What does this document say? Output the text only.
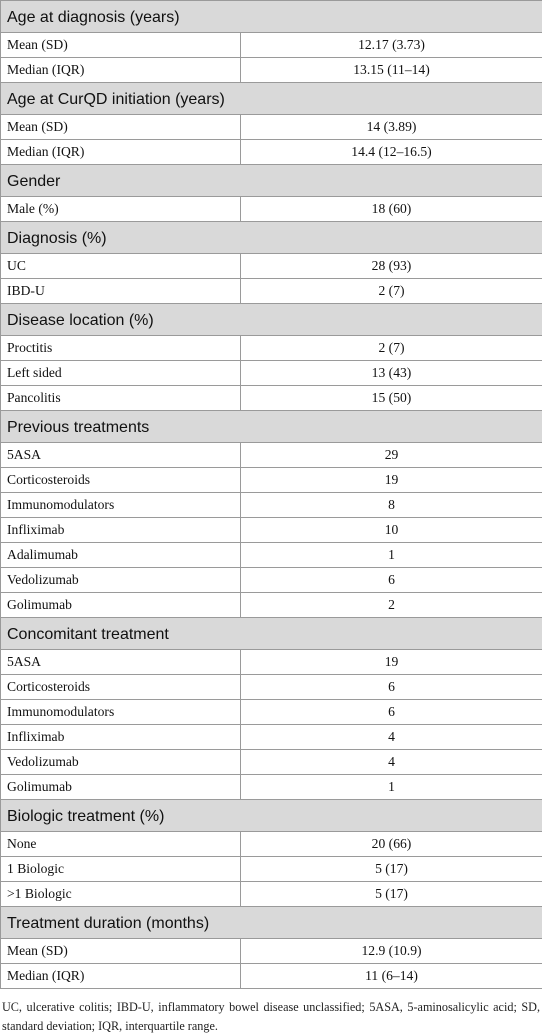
Age at diagnosis (years)	
Mean (SD)	12.17 (3.73)
Median (IQR)	13.15 (11–14)
Age at CurQD initiation (years)	
Mean (SD)	14 (3.89)
Median (IQR)	14.4 (12–16.5)
Gender	
Male (%)	18 (60)
Diagnosis (%)	
UC	28 (93)
IBD-U	2 (7)
Disease location (%)	
Proctitis	2 (7)
Left sided	13 (43)
Pancolitis	15 (50)
Previous treatments	
5ASA	29
Corticosteroids	19
Immunomodulators	8
Infliximab	10
Adalimumab	1
Vedolizumab	6
Golimumab	2
Concomitant treatment	
5ASA	19
Corticosteroids	6
Immunomodulators	6
Infliximab	4
Vedolizumab	4
Golimumab	1
Biologic treatment (%)	
None	20 (66)
1 Biologic	5 (17)
>1 Biologic	5 (17)
Treatment duration (months)	
Mean (SD)	12.9 (10.9)
Median (IQR)	11 (6–14)
UC, ulcerative colitis; IBD-U, inflammatory bowel disease unclassified; 5ASA, 5-aminosalicylic acid; SD, standard deviation; IQR, interquartile range.
